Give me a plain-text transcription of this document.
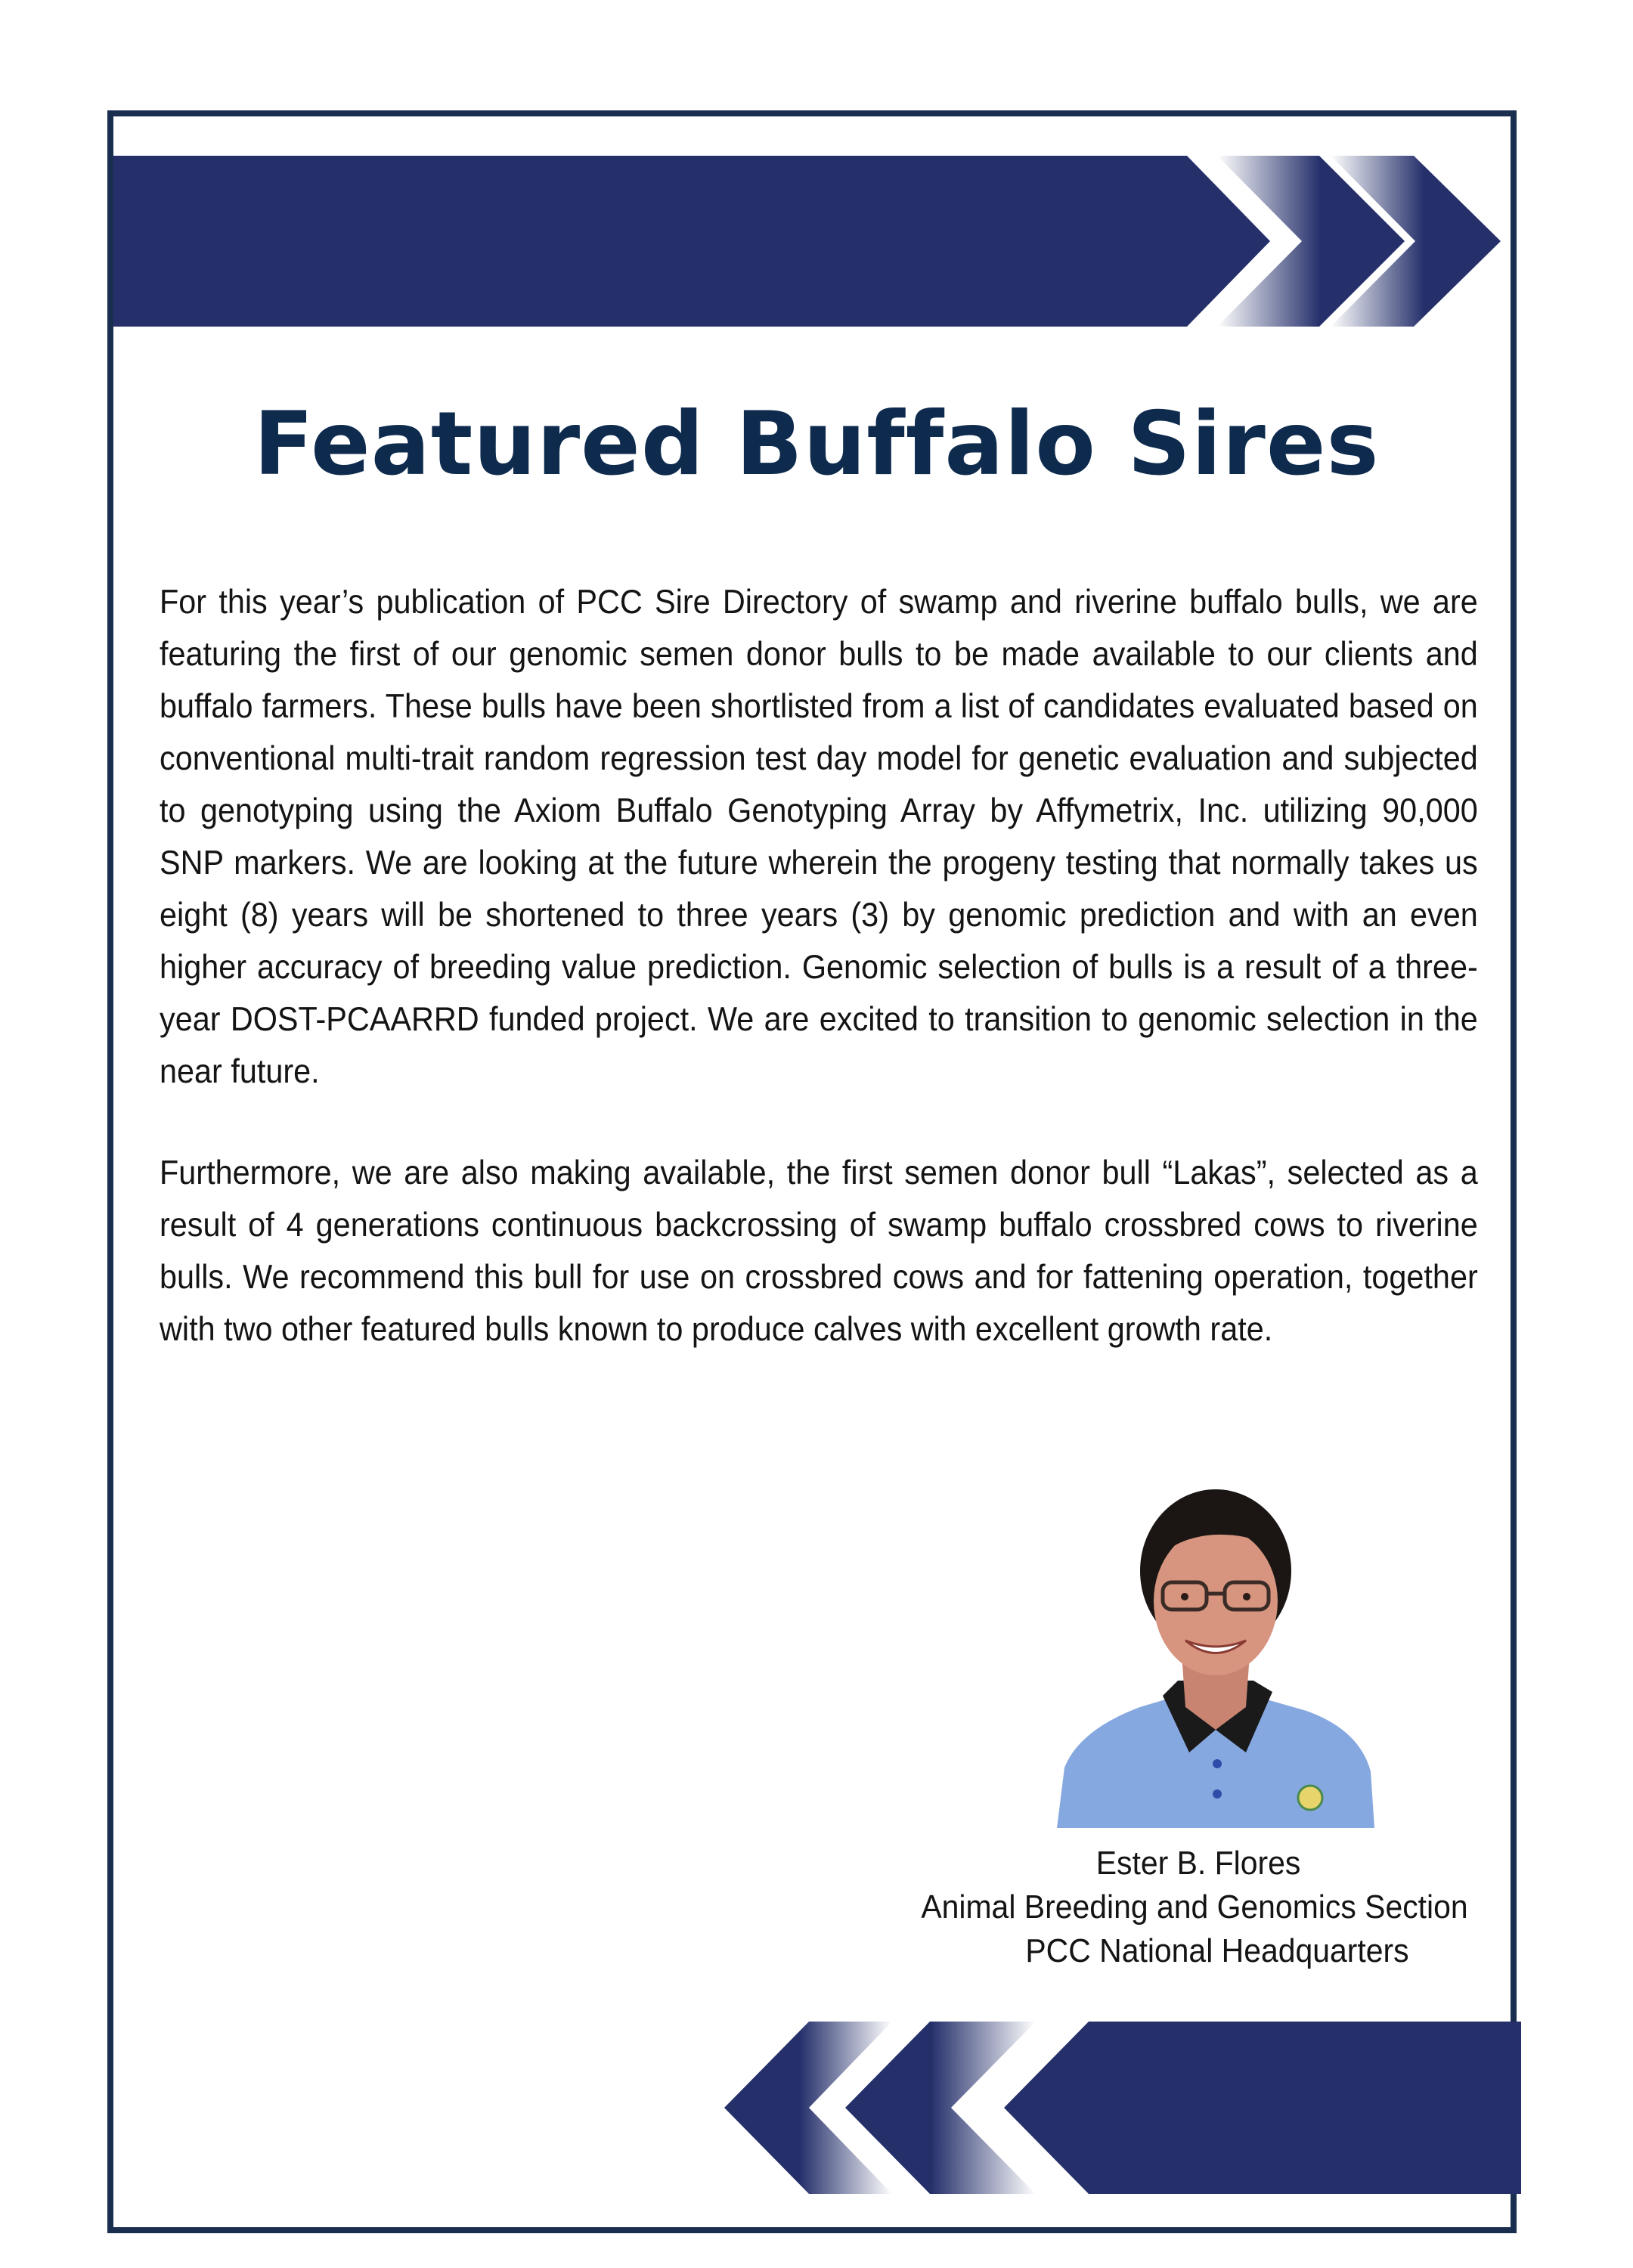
Featured Buffalo Sires

For this year’s publication of PCC Sire Directory of swamp and riverine buffalo bulls, we are featuring the first of our genomic semen donor bulls to be made available to our clients and buffalo farmers. These bulls have been shortlisted from a list of candidates evaluated based on conventional multi-trait random regression test day model for genetic evaluation and subjected to genotyping using the Axiom Buffalo Genotyping Array by Affymetrix, Inc. utilizing 90,000 SNP markers. We are looking at the future wherein the progeny testing that normally takes us eight (8) years will be shortened to three years (3) by genomic prediction and with an even higher accuracy of breeding value prediction. Genomic selection of bulls is a result of a three-year DOST-PCAARRD funded project. We are excited to transition to genomic selection in the near future.

Furthermore, we are also making available, the first semen donor bull “Lakas”, selected as a result of 4 generations continuous backcrossing of swamp buffalo crossbred cows to riverine bulls. We recommend this bull for use on crossbred cows and for fattening operation, together with two other featured bulls known to produce calves with excellent growth rate.

Ester B. Flores
Animal Breeding and Genomics Section
PCC National Headquarters
